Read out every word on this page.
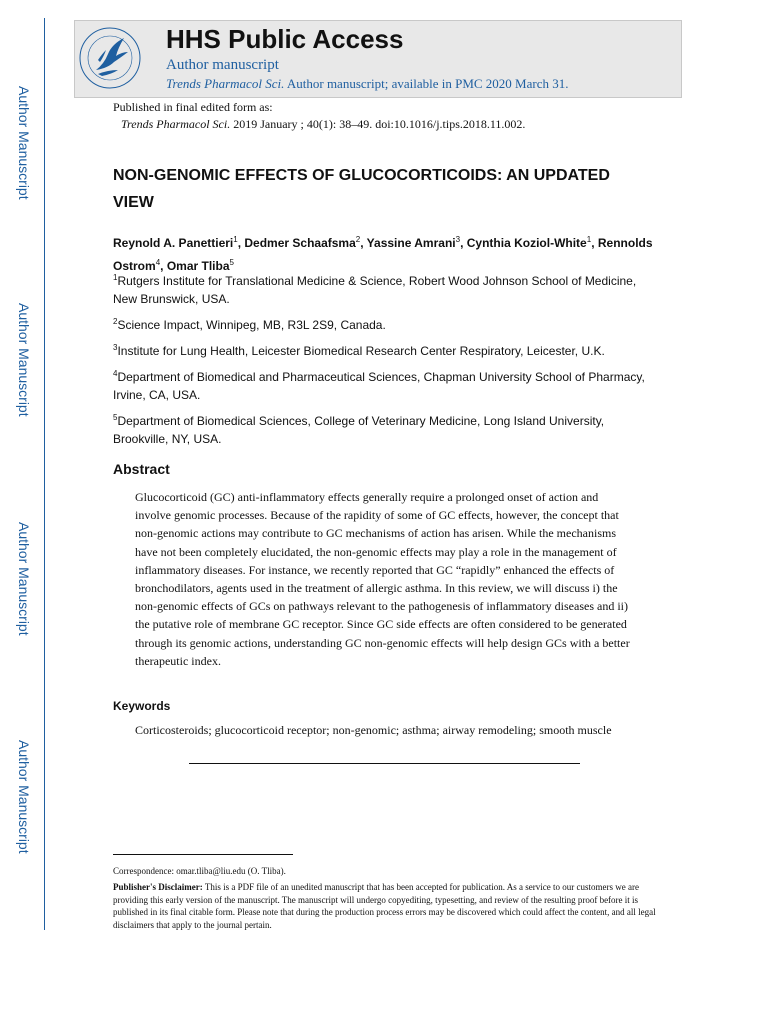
Author Manuscript
Author Manuscript
Author Manuscript
Author Manuscript
HHS Public Access
Author manuscript
Trends Pharmacol Sci. Author manuscript; available in PMC 2020 March 31.
Published in final edited form as:
Trends Pharmacol Sci. 2019 January ; 40(1): 38–49. doi:10.1016/j.tips.2018.11.002.
NON-GENOMIC EFFECTS OF GLUCOCORTICOIDS: AN UPDATED VIEW
Reynold A. Panettieri$^1$, Dedmer Schaafsma$^2$, Yassine Amrani$^3$, Cynthia Koziol-White$^1$, Rennolds Ostrom$^4$, Omar Tliba$^5$
$^1$Rutgers Institute for Translational Medicine & Science, Robert Wood Johnson School of Medicine, New Brunswick, USA.
$^2$Science Impact, Winnipeg, MB, R3L 2S9, Canada.
$^3$Institute for Lung Health, Leicester Biomedical Research Center Respiratory, Leicester, U.K.
$^4$Department of Biomedical and Pharmaceutical Sciences, Chapman University School of Pharmacy, Irvine, CA, USA.
$^5$Department of Biomedical Sciences, College of Veterinary Medicine, Long Island University, Brookville, NY, USA.
Abstract

Glucocorticoid (GC) anti-inflammatory effects generally require a prolonged onset of action and involve genomic processes. Because of the rapidity of some of GC effects, however, the concept that non-genomic actions may contribute to GC mechanisms of action has arisen. While the mechanisms have not been completely elucidated, the non-genomic effects may play a role in the management of inflammatory diseases. For instance, we recently reported that GC “rapidly” enhanced the effects of bronchodilators, agents used in the treatment of allergic asthma. In this review, we will discuss i) the non-genomic effects of GCs on pathways relevant to the pathogenesis of inflammatory diseases and ii) the putative role of membrane GC receptor. Since GC side effects are often considered to be generated through its genomic actions, understanding GC non-genomic effects will help design GCs with a better therapeutic index.

Keywords

Corticosteroids; glucocorticoid receptor; non-genomic; asthma; airway remodeling; smooth muscle

Correspondence: omar.tliba@liu.edu (O. Tliba).

Publisher's Disclaimer: This is a PDF file of an unedited manuscript that has been accepted for publication. As a service to our customers we are providing this early version of the manuscript. The manuscript will undergo copyediting, typesetting, and review of the resulting proof before it is published in its final citable form. Please note that during the production process errors may be discovered which could affect the content, and all legal disclaimers that apply to the journal pertain.
